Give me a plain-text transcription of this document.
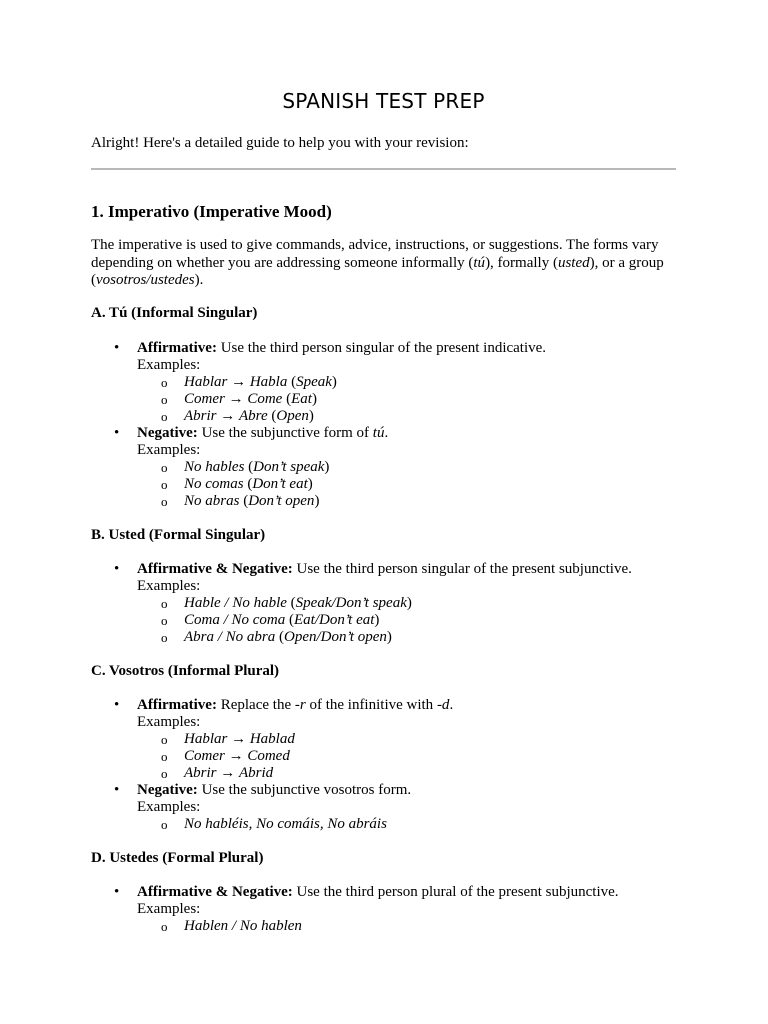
SPANISH TEST PREP

Alright! Here's a detailed guide to help you with your revision:

1. Imperativo (Imperative Mood)

The imperative is used to give commands, advice, instructions, or suggestions. The forms vary depending on whether you are addressing someone informally (tú), formally (usted), or a group (vosotros/ustedes).

A. Tú (Informal Singular)
• Affirmative: Use the third person singular of the present indicative.
Examples:
o Hablar → Habla (Speak)
o Comer → Come (Eat)
o Abrir → Abre (Open)
• Negative: Use the subjunctive form of tú.
Examples:
o No hables (Don’t speak)
o No comas (Don’t eat)
o No abras (Don’t open)
B. Usted (Formal Singular)
• Affirmative & Negative: Use the third person singular of the present subjunctive.
Examples:
o Hable / No hable (Speak/Don’t speak)
o Coma / No coma (Eat/Don’t eat)
o Abra / No abra (Open/Don’t open)
C. Vosotros (Informal Plural)
• Affirmative: Replace the -r of the infinitive with -d.
Examples:
o Hablar → Hablad
o Comer → Comed
o Abrir → Abrid
• Negative: Use the subjunctive vosotros form.
Examples:
o No habléis, No comáis, No abráis
D. Ustedes (Formal Plural)
• Affirmative & Negative: Use the third person plural of the present subjunctive.
Examples:
o Hablen / No hablen
